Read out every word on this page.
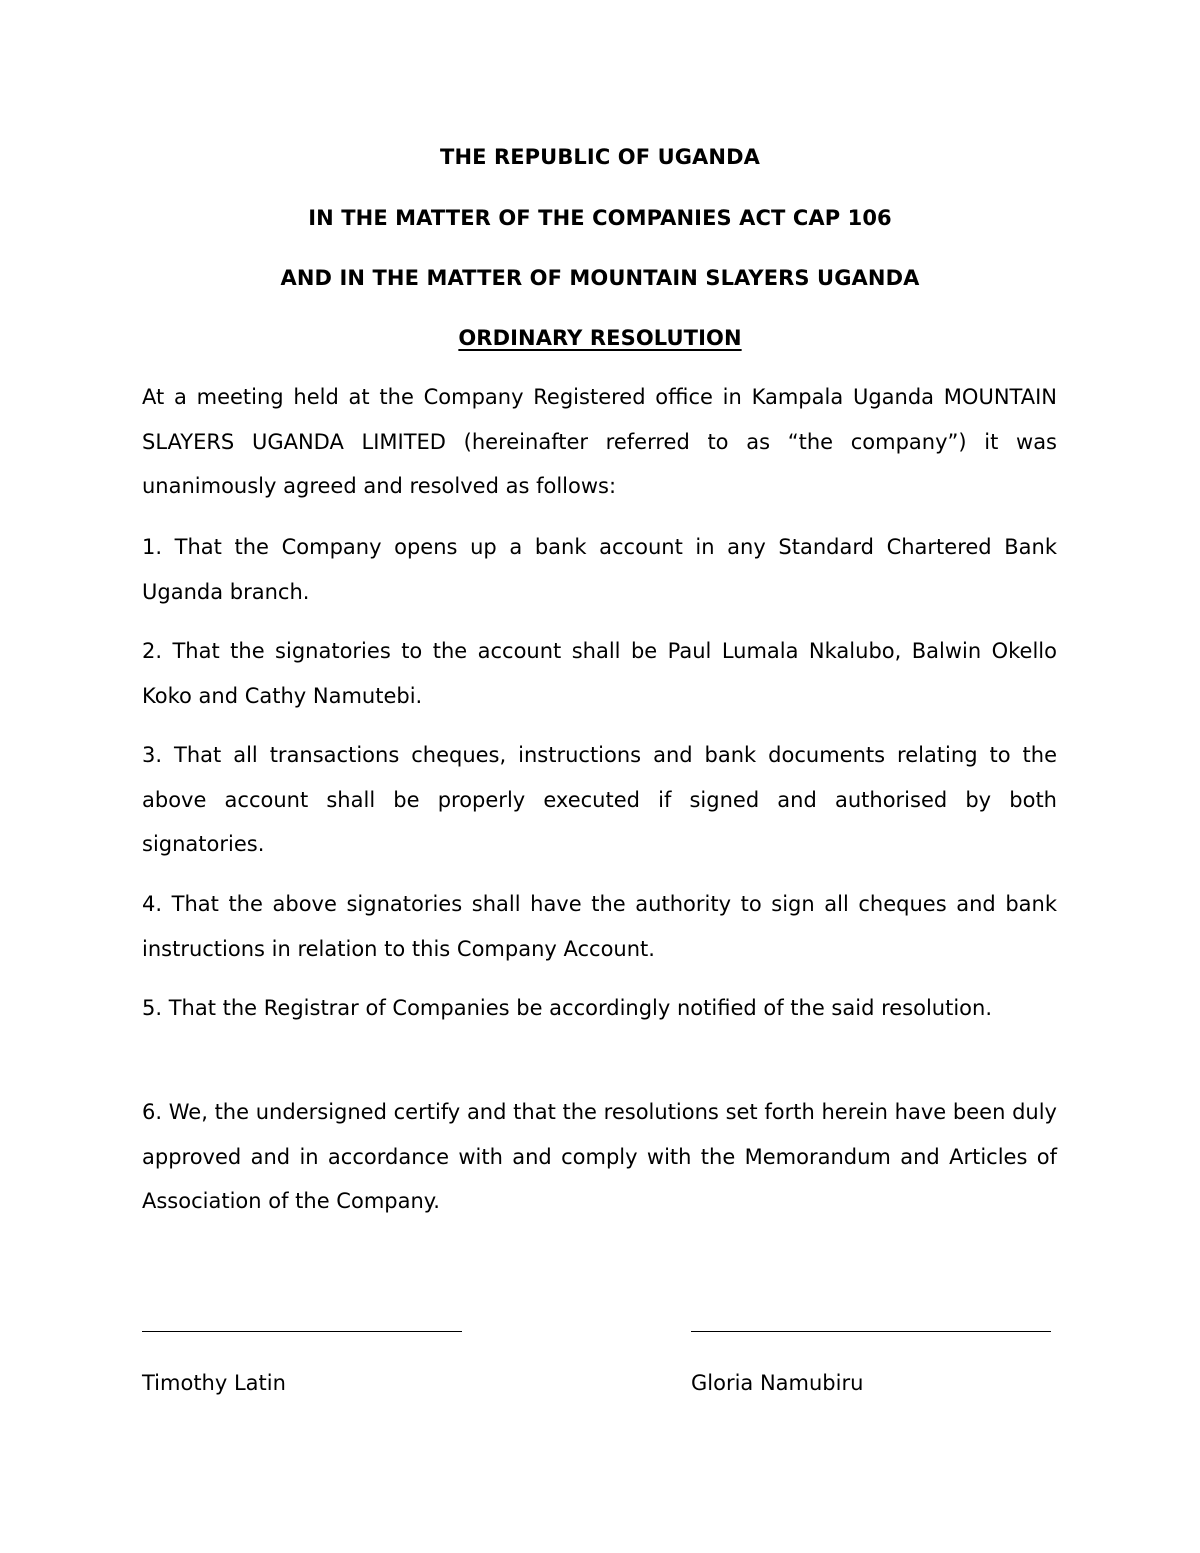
THE REPUBLIC OF UGANDA
IN THE MATTER OF THE COMPANIES ACT CAP 106
AND IN THE MATTER OF MOUNTAIN SLAYERS UGANDA
ORDINARY RESOLUTION
At a meeting held at the Company Registered office in Kampala Uganda MOUNTAIN SLAYERS UGANDA LIMITED (hereinafter referred to as “the company”) it was unanimously agreed and resolved as follows:
1. That the Company opens up a bank account in any Standard Chartered Bank Uganda branch.
2. That the signatories to the account shall be Paul Lumala Nkalubo, Balwin Okello Koko and Cathy Namutebi.
3. That all transactions cheques, instructions and bank documents relating to the above account shall be properly executed if signed and authorised by both signatories.
4. That the above signatories shall have the authority to sign all cheques and bank instructions in relation to this Company Account.
5. That the Registrar of Companies be accordingly notified of the said resolution.
6. We, the undersigned certify and that the resolutions set forth herein have been duly approved and in accordance with and comply with the Memorandum and Articles of Association of the Company.
Timothy Latin	Gloria Namubiru
